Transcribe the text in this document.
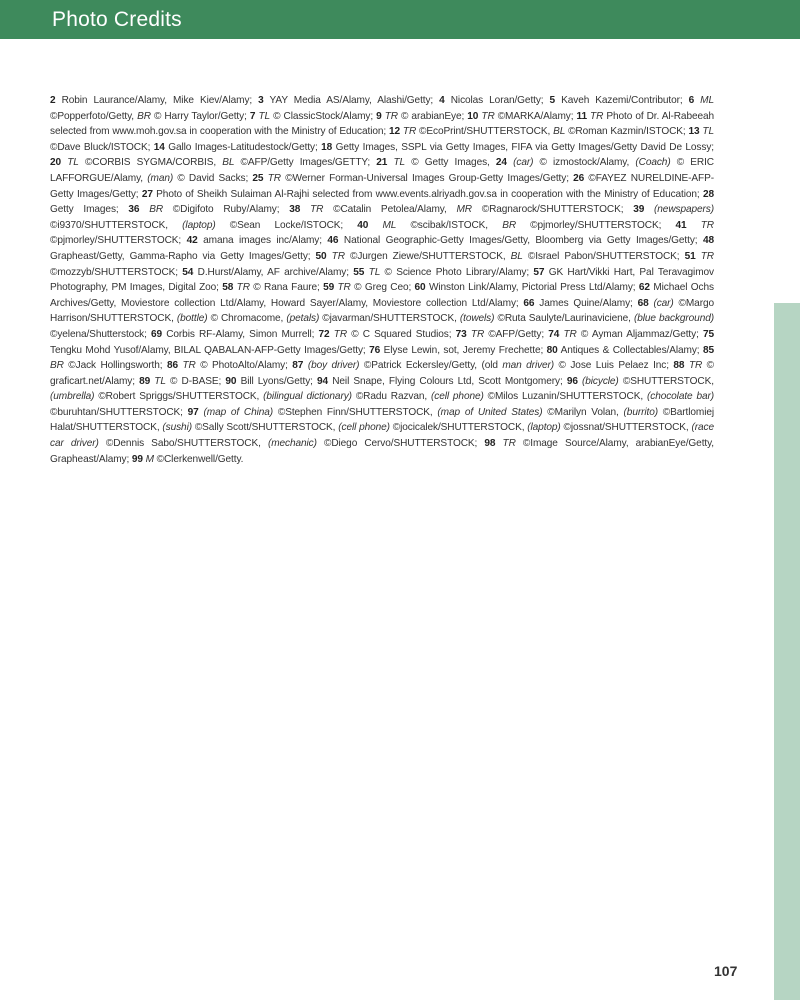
Photo Credits
2 Robin Laurance/Alamy, Mike Kiev/Alamy; 3 YAY Media AS/Alamy, Alashi/Getty; 4 Nicolas Loran/Getty; 5 Kaveh Kazemi/Contributor; 6 ML ©Popperfoto/Getty, BR © Harry Taylor/Getty; 7 TL © ClassicStock/Alamy; 9 TR © arabianEye; 10 TR ©MARKA/Alamy; 11 TR Photo of Dr. Al-Rabeeah selected from www.moh.gov.sa in cooperation with the Ministry of Education; 12 TR ©EcoPrint/SHUTTERSTOCK, BL ©Roman Kazmin/ISTOCK; 13 TL ©Dave Bluck/ISTOCK; 14 Gallo Images-Latitudestock/Getty; 18 Getty Images, SSPL via Getty Images, FIFA via Getty Images/Getty David De Lossy; 20 TL ©CORBIS SYGMA/CORBIS, BL ©AFP/Getty Images/GETTY; 21 TL © Getty Images, 24 (car) © izmostock/Alamy, (Coach) © ERIC LAFFORGUE/Alamy, (man) © David Sacks; 25 TR ©Werner Forman-Universal Images Group-Getty Images/Getty; 26 ©FAYEZ NURELDINE-AFP-Getty Images/Getty; 27 Photo of Sheikh Sulaiman Al-Rajhi selected from www.events.alriyadh.gov.sa in cooperation with the Ministry of Education; 28 Getty Images; 36 BR ©Digifoto Ruby/Alamy; 38 TR ©Catalin Petolea/Alamy, MR ©Ragnarock/SHUTTERSTOCK; 39 (newspapers) ©i9370/SHUTTERSTOCK, (laptop) ©Sean Locke/ISTOCK; 40 ML ©scibak/ISTOCK, BR ©pjmorley/SHUTTERSTOCK; 41 TR ©pjmorley/SHUTTERSTOCK; 42 amana images inc/Alamy; 46 National Geographic-Getty Images/Getty, Bloomberg via Getty Images/Getty; 48 Grapheast/Getty, Gamma-Rapho via Getty Images/Getty; 50 TR ©Jurgen Ziewe/SHUTTERSTOCK, BL ©Israel Pabon/SHUTTERSTOCK; 51 TR ©mozzyb/SHUTTERSTOCK; 54 D.Hurst/Alamy, AF archive/Alamy; 55 TL © Science Photo Library/Alamy; 57 GK Hart/Vikki Hart, Pal Teravagimov Photography, PM Images, Digital Zoo; 58 TR © Rana Faure; 59 TR © Greg Ceo; 60 Winston Link/Alamy, Pictorial Press Ltd/Alamy; 62 Michael Ochs Archives/Getty, Moviestore collection Ltd/Alamy, Howard Sayer/Alamy, Moviestore collection Ltd/Alamy; 66 James Quine/Alamy; 68 (car) ©Margo Harrison/SHUTTERSTOCK, (bottle) © Chromacome, (petals) ©javarman/SHUTTERSTOCK, (towels) ©Ruta Saulyte/Laurinaviciene, (blue background) ©yelena/Shutterstock; 69 Corbis RF-Alamy, Simon Murrell; 72 TR © C Squared Studios; 73 TR ©AFP/Getty; 74 TR © Ayman Aljammaz/Getty; 75 Tengku Mohd Yusof/Alamy, BILAL QABALAN-AFP-Getty Images/Getty; 76 Elyse Lewin, sot, Jeremy Frechette; 80 Antiques & Collectables/Alamy; 85 BR ©Jack Hollingsworth; 86 TR © PhotoAlto/Alamy; 87 (boy driver) ©Patrick Eckersley/Getty, (old man driver) © Jose Luis Pelaez Inc; 88 TR © graficart.net/Alamy; 89 TL © D-BASE; 90 Bill Lyons/Getty; 94 Neil Snape, Flying Colours Ltd, Scott Montgomery; 96 (bicycle) ©SHUTTERSTOCK, (umbrella) ©Robert Spriggs/SHUTTERSTOCK, (bilingual dictionary) ©Radu Razvan, (cell phone) ©Milos Luzanin/SHUTTERSTOCK, (chocolate bar) ©buruhtan/SHUTTERSTOCK; 97 (map of China) ©Stephen Finn/SHUTTERSTOCK, (map of United States) ©Marilyn Volan, (burrito) ©Bartlomiej Halat/SHUTTERSTOCK, (sushi) ©Sally Scott/SHUTTERSTOCK, (cell phone) ©jocicalek/SHUTTERSTOCK, (laptop) ©jossnat/SHUTTERSTOCK, (race car driver) ©Dennis Sabo/SHUTTERSTOCK, (mechanic) ©Diego Cervo/SHUTTERSTOCK; 98 TR ©Image Source/Alamy, arabianEye/Getty, Grapheast/Alamy; 99 M ©Clerkenwell/Getty.
107
